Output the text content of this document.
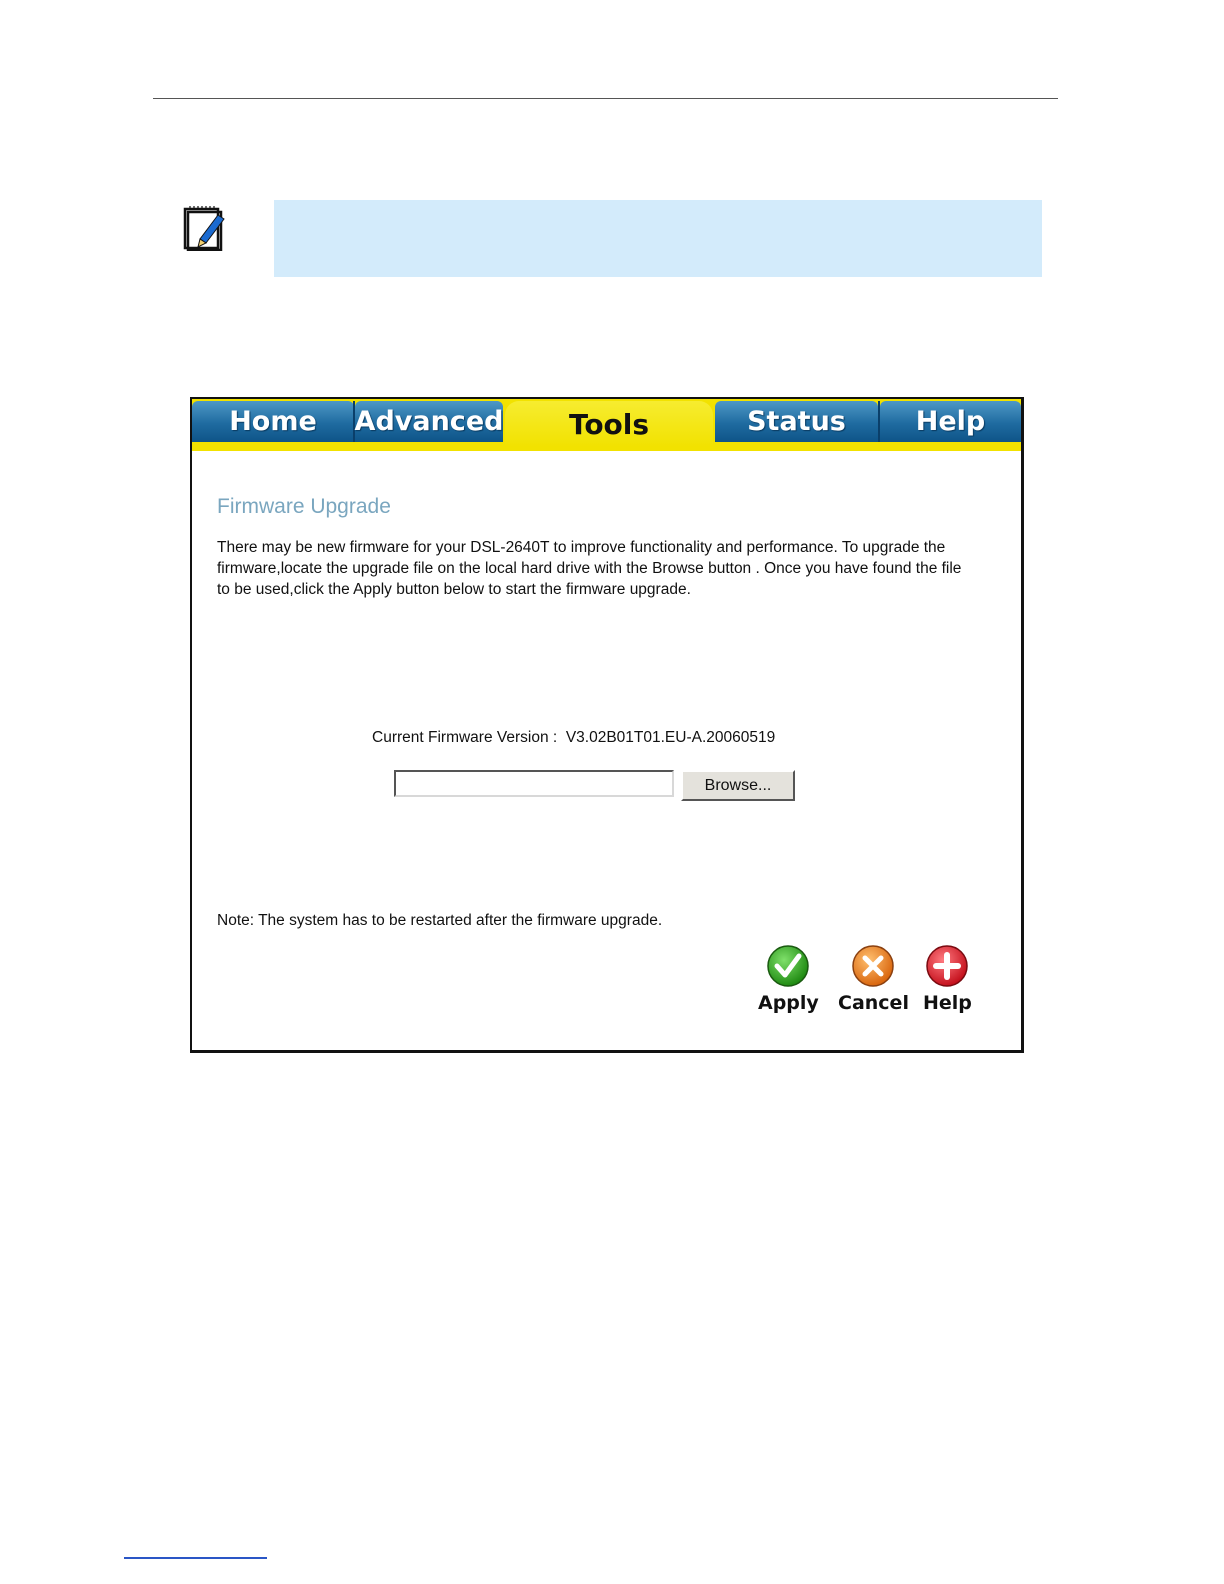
Home	Advanced	Tools	Status	Help
Firmware Upgrade
There may be new firmware for your DSL-2640T to improve functionality and performance. To upgrade the firmware,locate the upgrade file on the local hard drive with the Browse button . Once you have found the file to be used,click the Apply button below to start the firmware upgrade.
Current Firmware Version : V3.02B01T01.EU-A.20060519
Browse...
Note: The system has to be restarted after the firmware upgrade.
Apply Cancel Help
